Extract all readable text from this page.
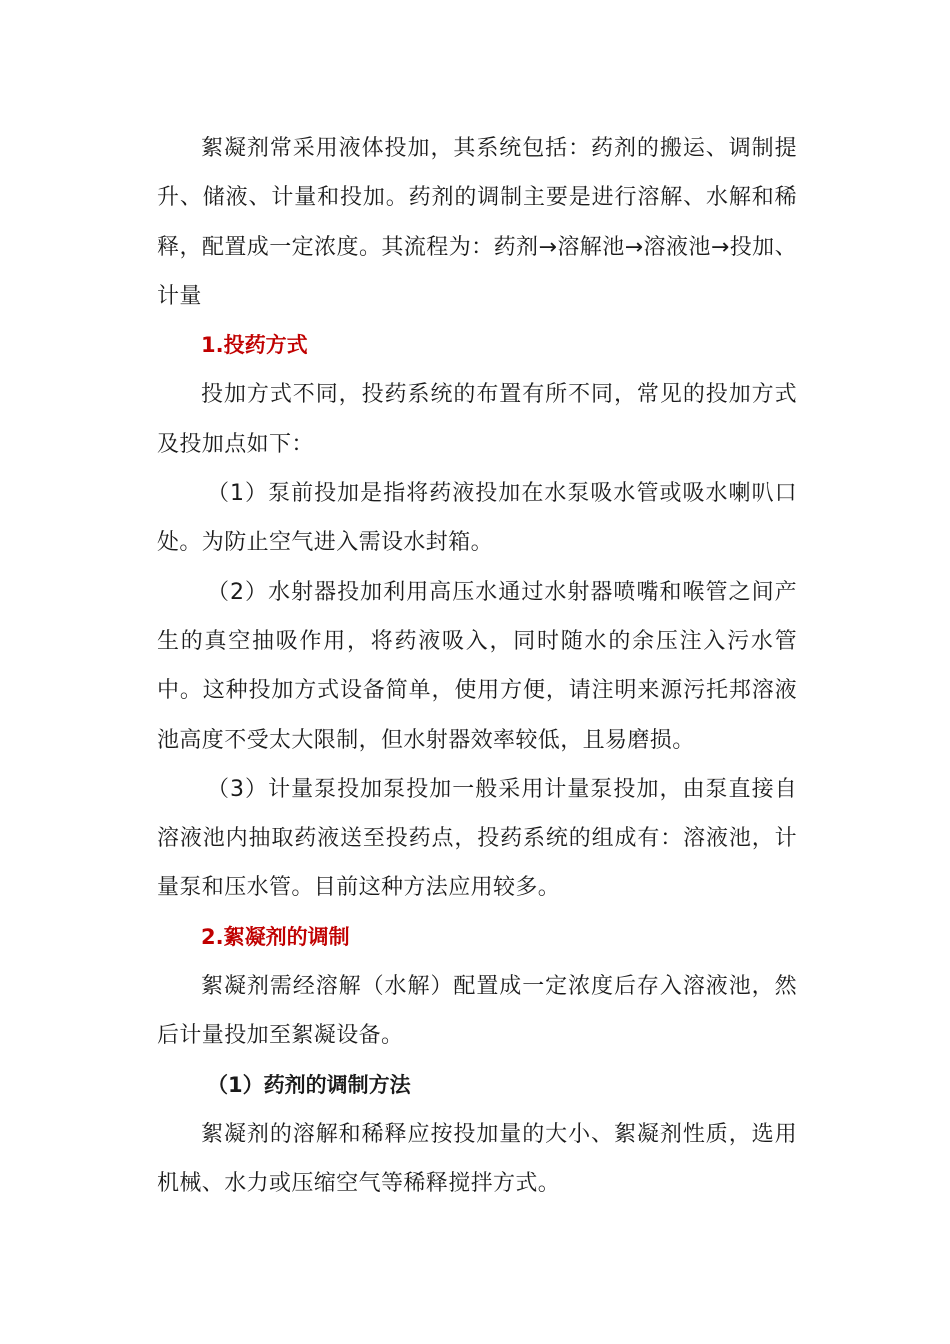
絮凝剂常采用液体投加，其系统包括：药剂的搬运、调制提升、储液、计量和投加。药剂的调制主要是进行溶解、水解和稀释，配置成一定浓度。其流程为：药剂→溶解池→溶液池→投加、计量

1.投药方式

投加方式不同，投药系统的布置有所不同，常见的投加方式及投加点如下：

（1）泵前投加是指将药液投加在水泵吸水管或吸水喇叭口处。为防止空气进入需设水封箱。

（2）水射器投加利用高压水通过水射器喷嘴和喉管之间产生的真空抽吸作用，将药液吸入，同时随水的余压注入污水管中。这种投加方式设备简单，使用方便，请注明来源污托邦溶液池高度不受太大限制，但水射器效率较低，且易磨损。

（3）计量泵投加泵投加一般采用计量泵投加，由泵直接自溶液池内抽取药液送至投药点，投药系统的组成有：溶液池，计量泵和压水管。目前这种方法应用较多。

2.絮凝剂的调制

絮凝剂需经溶解（水解）配置成一定浓度后存入溶液池，然后计量投加至絮凝设备。

（1）药剂的调制方法

絮凝剂的溶解和稀释应按投加量的大小、絮凝剂性质，选用机械、水力或压缩空气等稀释搅拌方式。
